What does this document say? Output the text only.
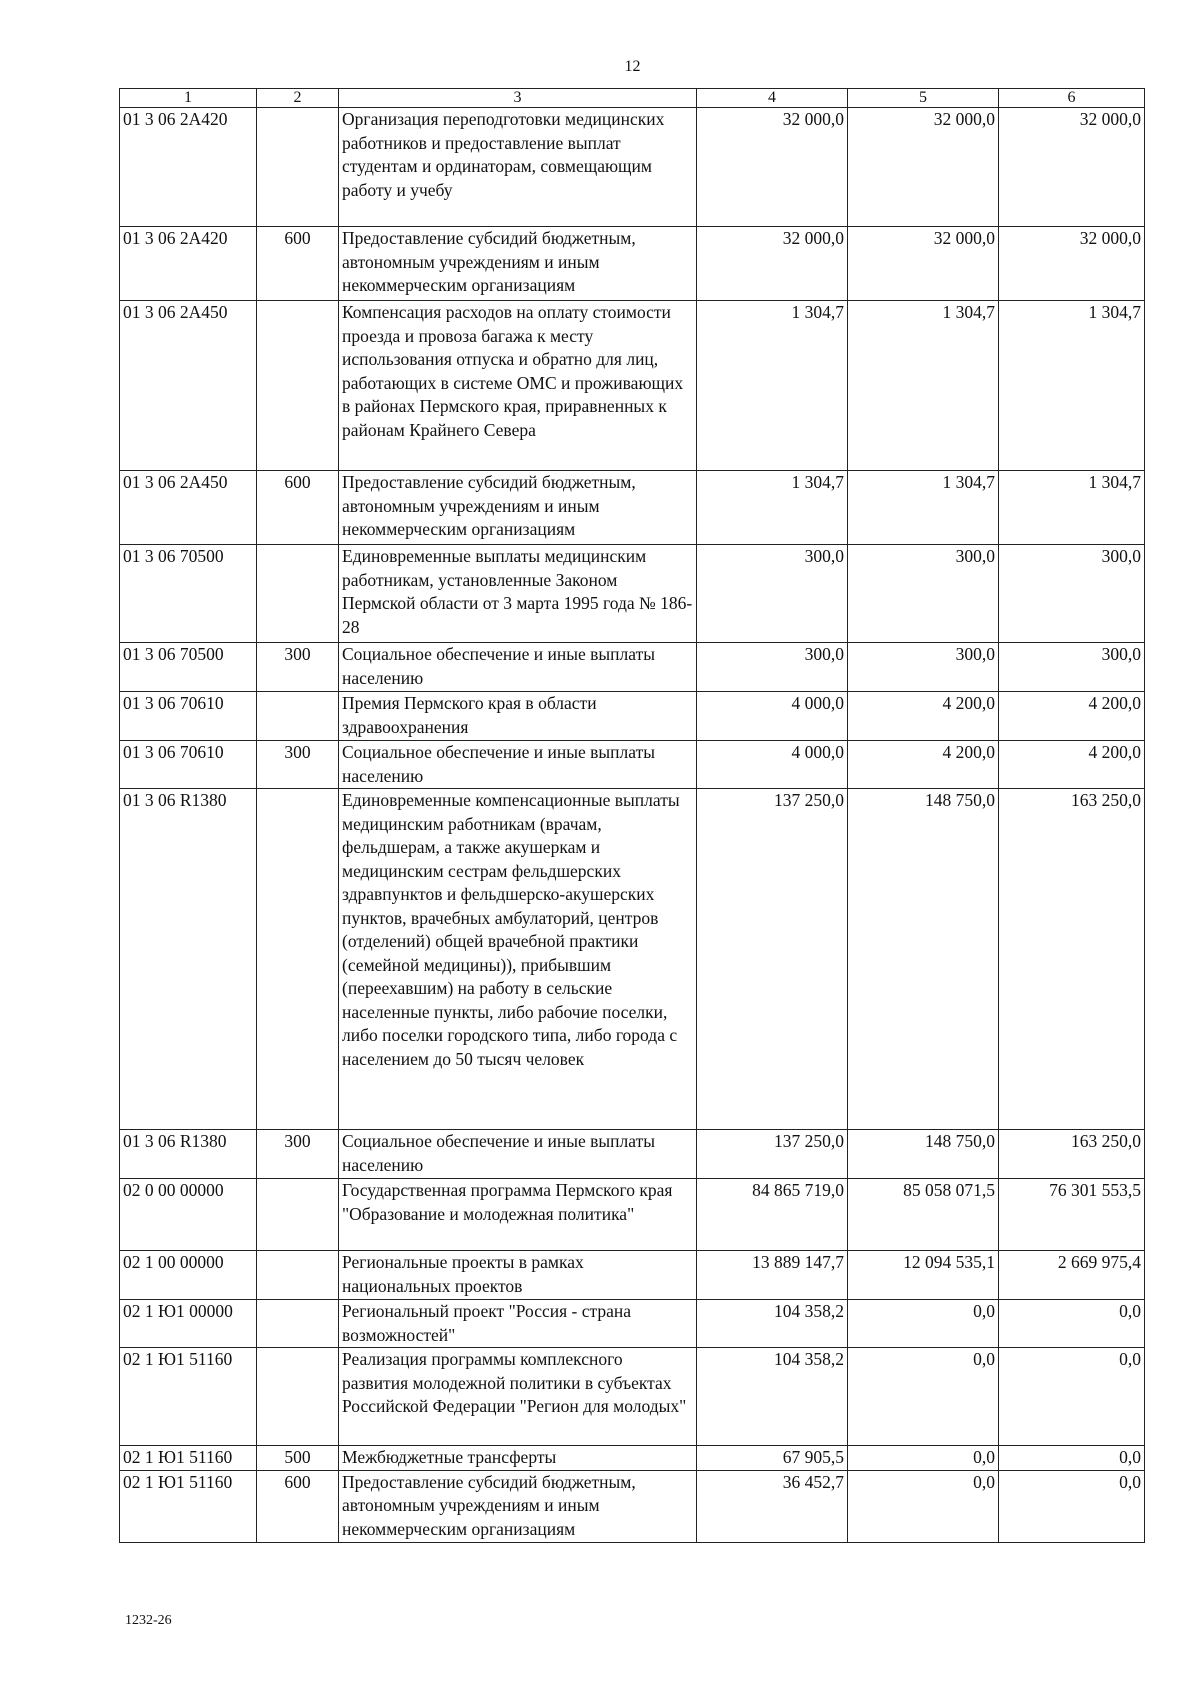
12
1	2	3	4	5	6
01 3 06 2А420		Организация переподготовки медицинских работников и предоставление выплат студентам и ординаторам, совмещающим работу и учебу	32 000,0	32 000,0	32 000,0
01 3 06 2А420	600	Предоставление субсидий бюджетным, автономным учреждениям и иным некоммерческим организациям	32 000,0	32 000,0	32 000,0
01 3 06 2А450		Компенсация расходов на оплату стоимости проезда и провоза багажа к месту использования отпуска и обратно для лиц, работающих в системе ОМС и проживающих в районах Пермского края, приравненных к районам Крайнего Севера	1 304,7	1 304,7	1 304,7
01 3 06 2А450	600	Предоставление субсидий бюджетным, автономным учреждениям и иным некоммерческим организациям	1 304,7	1 304,7	1 304,7
01 3 06 70500		Единовременные выплаты медицинским работникам, установленные Законом Пермской области от 3 марта 1995 года № 186-28	300,0	300,0	300,0
01 3 06 70500	300	Социальное обеспечение и иные выплаты населению	300,0	300,0	300,0
01 3 06 70610		Премия Пермского края в области здравоохранения	4 000,0	4 200,0	4 200,0
01 3 06 70610	300	Социальное обеспечение и иные выплаты населению	4 000,0	4 200,0	4 200,0
01 3 06 R1380		Единовременные компенсационные выплаты медицинским работникам (врачам, фельдшерам, а также акушеркам и медицинским сестрам фельдшерских здравпунктов и фельдшерско-акушерских пунктов, врачебных амбулаторий, центров (отделений) общей врачебной практики (семейной медицины)), прибывшим (переехавшим) на работу в сельские населенные пункты, либо рабочие поселки, либо поселки городского типа, либо города с населением до 50 тысяч человек	137 250,0	148 750,0	163 250,0
01 3 06 R1380	300	Социальное обеспечение и иные выплаты населению	137 250,0	148 750,0	163 250,0
02 0 00 00000		Государственная программа Пермского края "Образование и молодежная политика"	84 865 719,0	85 058 071,5	76 301 553,5
02 1 00 00000		Региональные проекты в рамках национальных проектов	13 889 147,7	12 094 535,1	2 669 975,4
02 1 Ю1 00000		Региональный проект "Россия - страна возможностей"	104 358,2	0,0	0,0
02 1 Ю1 51160		Реализация программы комплексного развития молодежной политики в субъектах Российской Федерации "Регион для молодых"	104 358,2	0,0	0,0
02 1 Ю1 51160	500	Межбюджетные трансферты	67 905,5	0,0	0,0
02 1 Ю1 51160	600	Предоставление субсидий бюджетным, автономным учреждениям и иным некоммерческим организациям	36 452,7	0,0	0,0
1232-26
